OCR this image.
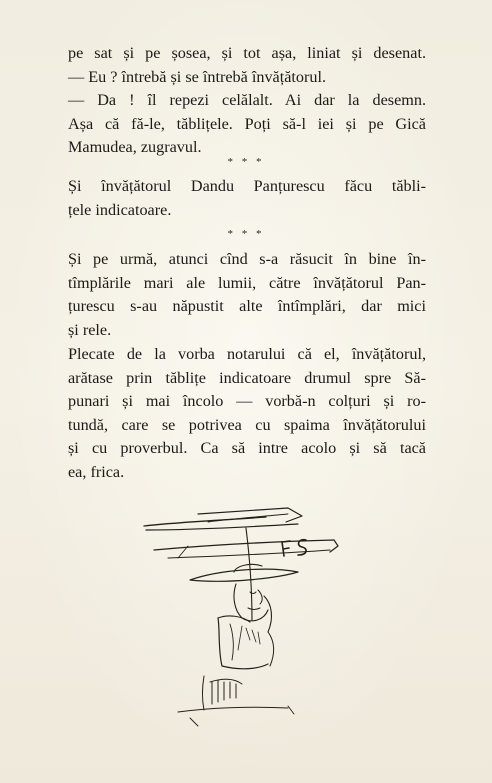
pe sat și pe șosea, și tot așa, liniat și desenat.
— Eu ? întrebă și se întrebă învățătorul.
— Da ! îl repezi celălalt. Ai dar la desemn.
Așa că fă-le, tăblițele. Poți să-l iei și pe Gică
Mamudea, zugravul.
* * *
Și învățătorul Dandu Panțurescu făcu tăbli-
țele indicatoare.
* * *
Și pe urmă, atunci cînd s-a răsucit în bine în-
tîmplările mari ale lumii, către învățătorul Pan-
țurescu s-au năpustit alte întîmplări, dar mici
și rele.
Plecate de la vorba notarului că el, învățătorul,
arătase prin tăblițe indicatoare drumul spre Să-
punari și mai încolo — vorbă-n colțuri și ro-
tundă, care se potrivea cu spaima învățătorului
și cu proverbul. Ca să intre acolo și să tacă
ea, frica.
